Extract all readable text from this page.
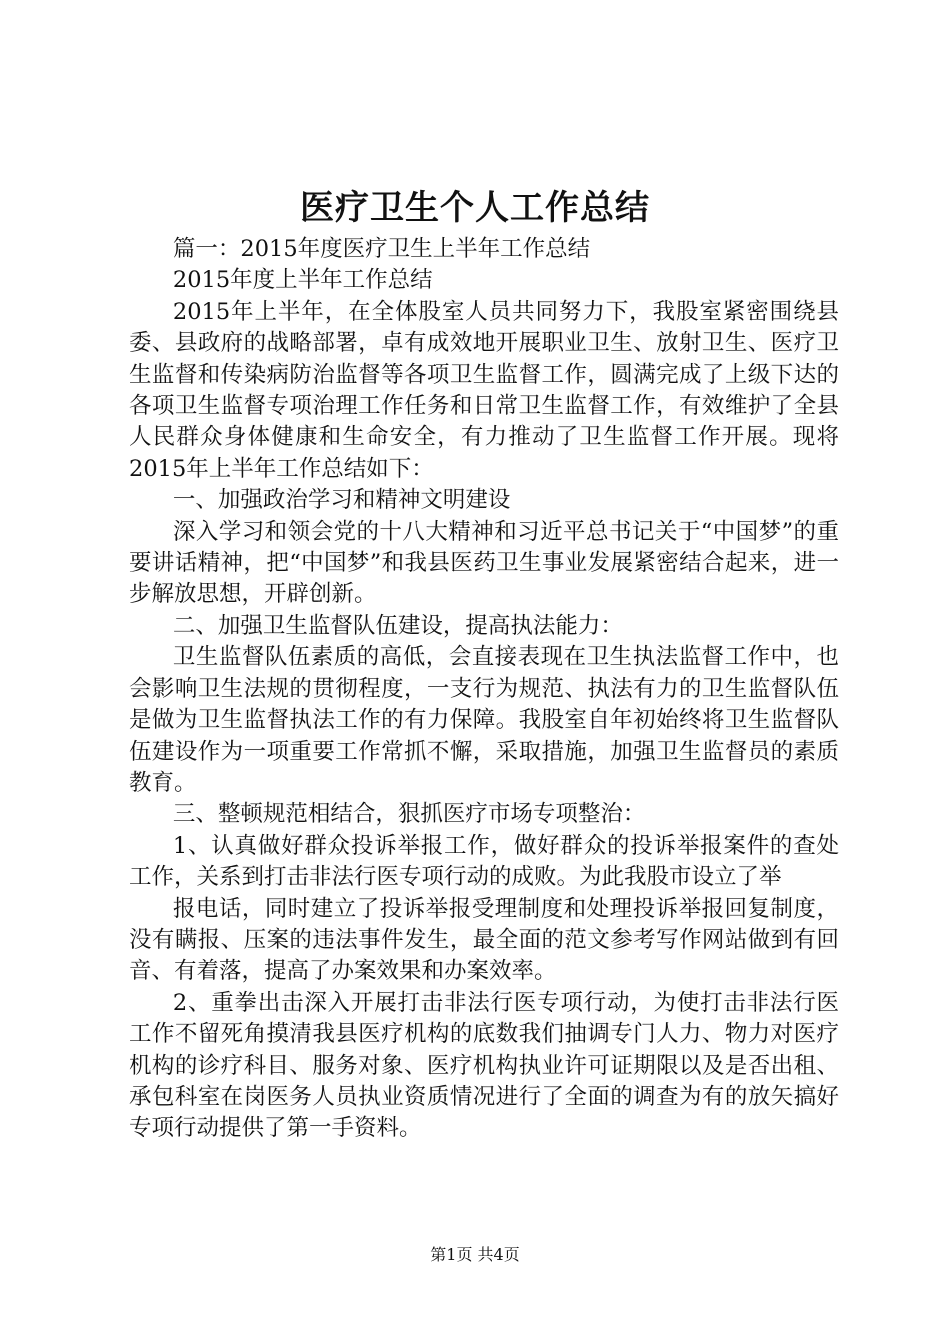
医疗卫生个人工作总结

篇一：2015年度医疗卫生上半年工作总结

2015年度上半年工作总结

2015年上半年，在全体股室人员共同努力下，我股室紧密围绕县委、县政府的战略部署，卓有成效地开展职业卫生、放射卫生、医疗卫生监督和传染病防治监督等各项卫生监督工作，圆满完成了上级下达的各项卫生监督专项治理工作任务和日常卫生监督工作，有效维护了全县人民群众身体健康和生命安全，有力推动了卫生监督工作开展。现将2015年上半年工作总结如下：

一、加强政治学习和精神文明建设

深入学习和领会党的十八大精神和习近平总书记关于“中国梦”的重要讲话精神，把“中国梦”和我县医药卫生事业发展紧密结合起来，进一步解放思想，开辟创新。

二、加强卫生监督队伍建设，提高执法能力：

卫生监督队伍素质的高低，会直接表现在卫生执法监督工作中，也会影响卫生法规的贯彻程度，一支行为规范、执法有力的卫生监督队伍是做为卫生监督执法工作的有力保障。我股室自年初始终将卫生监督队伍建设作为一项重要工作常抓不懈，采取措施，加强卫生监督员的素质教育。

三、整顿规范相结合，狠抓医疗市场专项整治：

1、认真做好群众投诉举报工作，做好群众的投诉举报案件的查处工作，关系到打击非法行医专项行动的成败。为此我股市设立了举

报电话，同时建立了投诉举报受理制度和处理投诉举报回复制度，没有瞒报、压案的违法事件发生，最全面的范文参考写作网站做到有回音、有着落，提高了办案效果和办案效率。

2、重拳出击深入开展打击非法行医专项行动，为使打击非法行医工作不留死角摸清我县医疗机构的底数我们抽调专门人力、物力对医疗机构的诊疗科目、服务对象、医疗机构执业许可证期限以及是否出租、承包科室在岗医务人员执业资质情况进行了全面的调查为有的放矢搞好专项行动提供了第一手资料。

第1页 共4页
